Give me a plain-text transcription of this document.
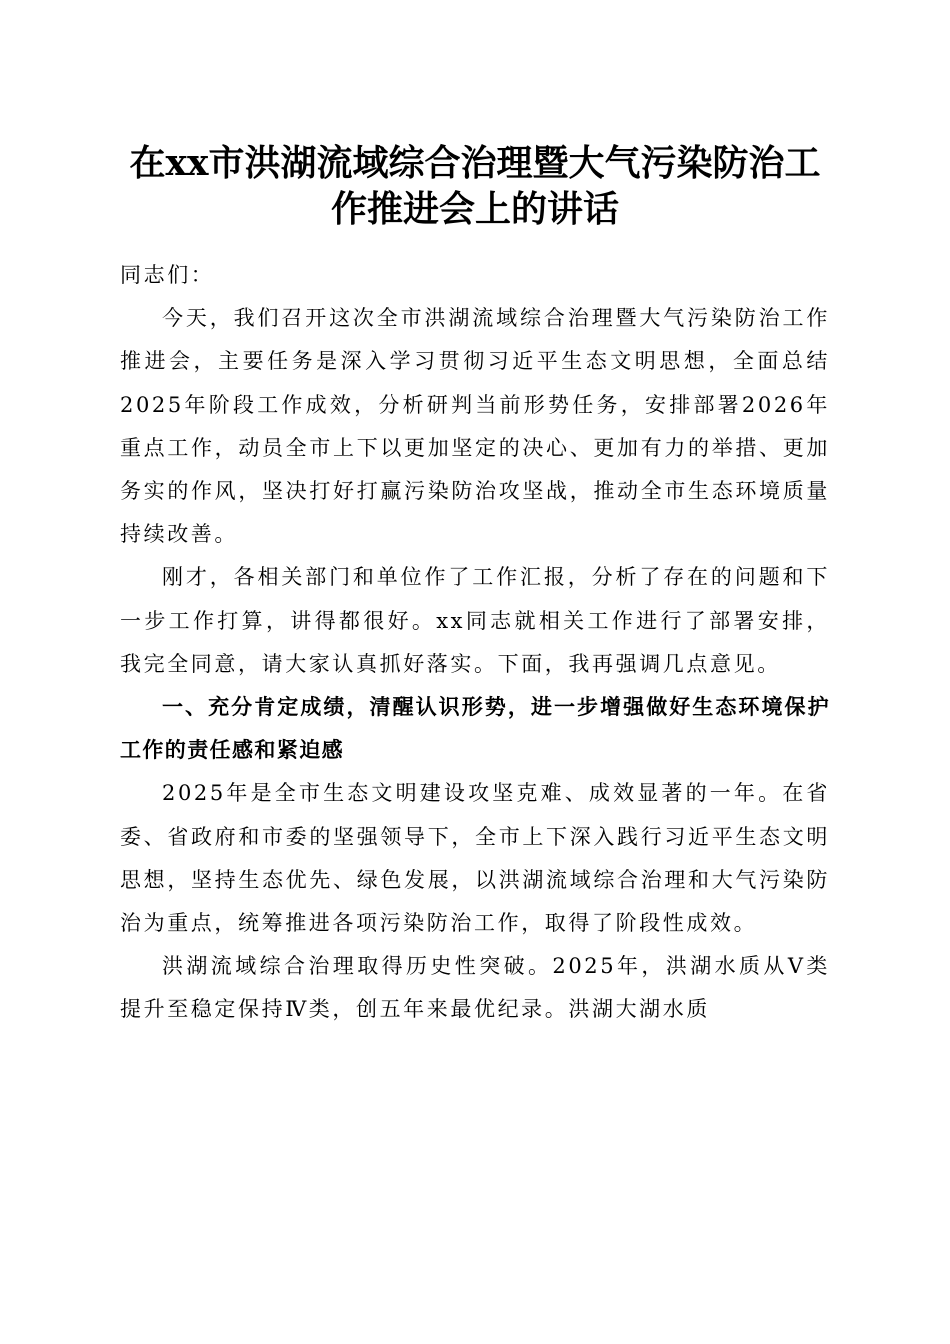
在xx市洪湖流域综合治理暨大气污染防治工
作推进会上的讲话

同志们：

今天，我们召开这次全市洪湖流域综合治理暨大气污染防治工作推进会，主要任务是深入学习贯彻习近平生态文明思想，全面总结2025年阶段工作成效，分析研判当前形势任务，安排部署2026年重点工作，动员全市上下以更加坚定的决心、更加有力的举措、更加务实的作风，坚决打好打赢污染防治攻坚战，推动全市生态环境质量持续改善。

刚才，各相关部门和单位作了工作汇报，分析了存在的问题和下一步工作打算，讲得都很好。xx同志就相关工作进行了部署安排，我完全同意，请大家认真抓好落实。下面，我再强调几点意见。

一、充分肯定成绩，清醒认识形势，进一步增强做好生态环境保护工作的责任感和紧迫感

2025年是全市生态文明建设攻坚克难、成效显著的一年。在省委、省政府和市委的坚强领导下，全市上下深入践行习近平生态文明思想，坚持生态优先、绿色发展，以洪湖流域综合治理和大气污染防治为重点，统筹推进各项污染防治工作，取得了阶段性成效。

洪湖流域综合治理取得历史性突破。2025年，洪湖水质从Ⅴ类提升至稳定保持Ⅳ类，创五年来最优纪录。洪湖大湖水质
